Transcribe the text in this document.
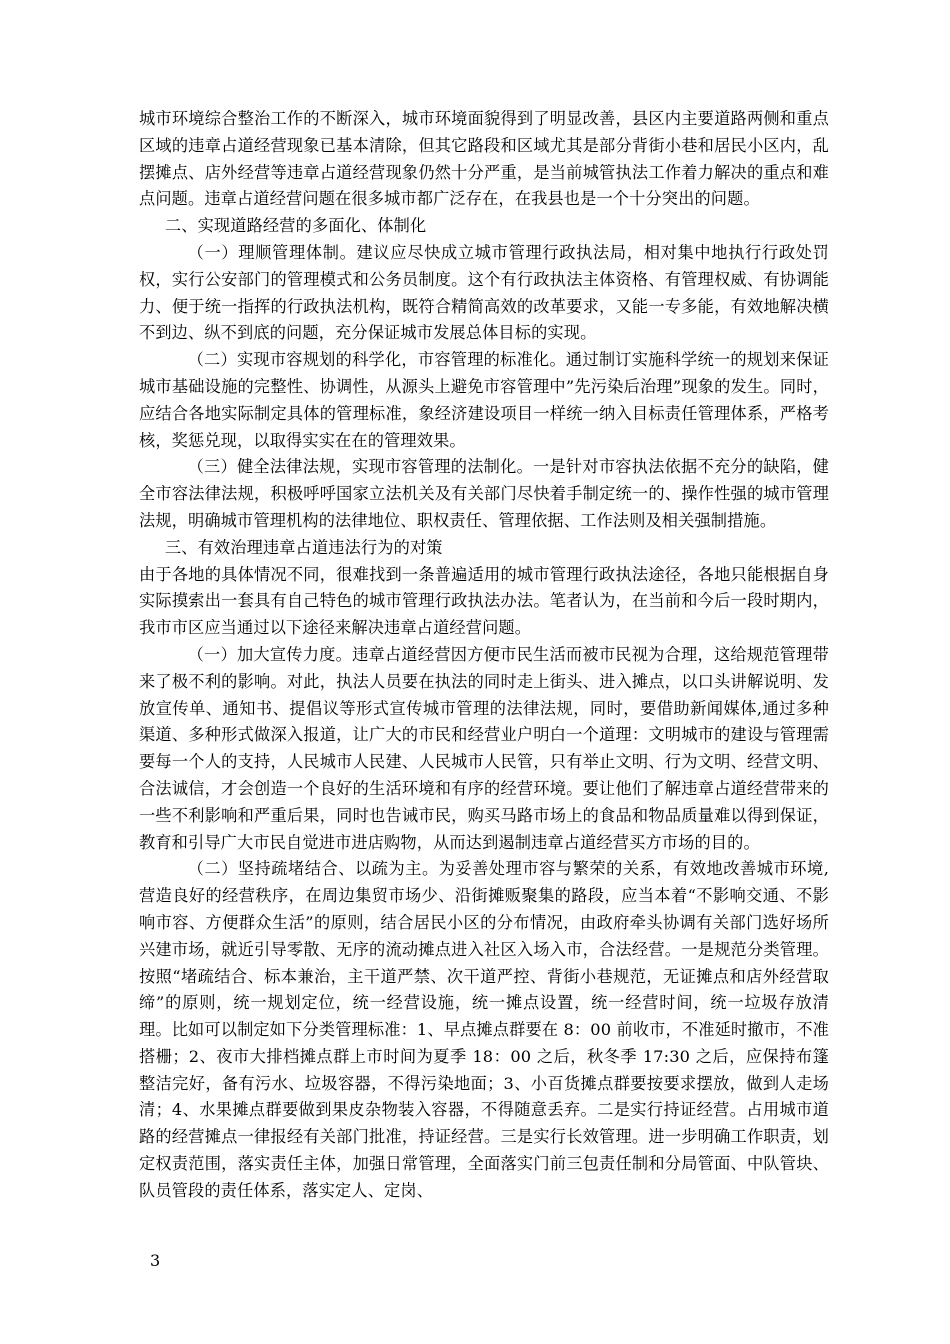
城市环境综合整治工作的不断深入，城市环境面貌得到了明显改善，县区内主要道路两侧和重点区域的违章占道经营现象已基本清除，但其它路段和区域尤其是部分背街小巷和居民小区内，乱摆摊点、店外经营等违章占道经营现象仍然十分严重，是当前城管执法工作着力解决的重点和难点问题。违章占道经营问题在很多城市都广泛存在，在我县也是一个十分突出的问题。

二、实现道路经营的多面化、体制化

（一）理顺管理体制。建议应尽快成立城市管理行政执法局，相对集中地执行行政处罚权，实行公安部门的管理模式和公务员制度。这个有行政执法主体资格、有管理权威、有协调能力、便于统一指挥的行政执法机构，既符合精简高效的改革要求，又能一专多能，有效地解决横不到边、纵不到底的问题，充分保证城市发展总体目标的实现。

（二）实现市容规划的科学化，市容管理的标准化。通过制订实施科学统一的规划来保证城市基础设施的完整性、协调性，从源头上避免市容管理中”先污染后治理”现象的发生。同时，应结合各地实际制定具体的管理标准，象经济建设项目一样统一纳入目标责任管理体系，严格考核，奖惩兑现，以取得实实在在的管理效果。

（三）健全法律法规，实现市容管理的法制化。一是针对市容执法依据不充分的缺陷，健全市容法律法规，积极呼呼国家立法机关及有关部门尽快着手制定统一的、操作性强的城市管理法规，明确城市管理机构的法律地位、职权责任、管理依据、工作法则及相关强制措施。

三、有效治理违章占道违法行为的对策

由于各地的具体情况不同，很难找到一条普遍适用的城市管理行政执法途径，各地只能根据自身实际摸索出一套具有自己特色的城市管理行政执法办法。笔者认为，在当前和今后一段时期内，我市市区应当通过以下途径来解决违章占道经营问题。

（一）加大宣传力度。违章占道经营因方便市民生活而被市民视为合理，这给规范管理带来了极不利的影响。对此，执法人员要在执法的同时走上街头、进入摊点，以口头讲解说明、发放宣传单、通知书、提倡议等形式宣传城市管理的法律法规，同时，要借助新闻媒体,通过多种渠道、多种形式做深入报道，让广大的市民和经营业户明白一个道理：文明城市的建设与管理需要每一个人的支持，人民城市人民建、人民城市人民管，只有举止文明、行为文明、经营文明、合法诚信，才会创造一个良好的生活环境和有序的经营环境。要让他们了解违章占道经营带来的一些不利影响和严重后果，同时也告诫市民，购买马路市场上的食品和物品质量难以得到保证，教育和引导广大市民自觉进市进店购物，从而达到遏制违章占道经营买方市场的目的。

（二）坚持疏堵结合、以疏为主。为妥善处理市容与繁荣的关系，有效地改善城市环境,营造良好的经营秩序，在周边集贸市场少、沿街摊贩聚集的路段，应当本着“不影响交通、不影响市容、方便群众生活”的原则，结合居民小区的分布情况，由政府牵头协调有关部门选好场所兴建市场，就近引导零散、无序的流动摊点进入社区入场入市，合法经营。一是规范分类管理。按照“堵疏结合、标本兼治，主干道严禁、次干道严控、背街小巷规范，无证摊点和店外经营取缔”的原则，统一规划定位，统一经营设施，统一摊点设置，统一经营时间，统一垃圾存放清理。比如可以制定如下分类管理标准：1、早点摊点群要在 8：00 前收市，不准延时撤市，不准搭栅；2、夜市大排档摊点群上市时间为夏季 18：00 之后，秋冬季 17:30 之后，应保持布篷整洁完好，备有污水、垃圾容器，不得污染地面；3、小百货摊点群要按要求摆放，做到人走场清；4、水果摊点群要做到果皮杂物装入容器，不得随意丢弃。二是实行持证经营。占用城市道路的经营摊点一律报经有关部门批准，持证经营。三是实行长效管理。进一步明确工作职责，划定权责范围，落实责任主体，加强日常管理，全面落实门前三包责任制和分局管面、中队管块、队员管段的责任体系，落实定人、定岗、

3
